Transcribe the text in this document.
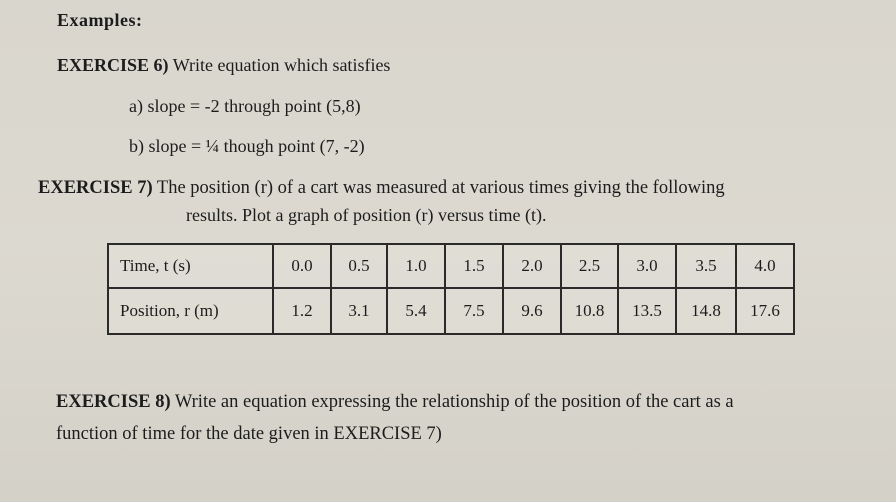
Examples:
EXERCISE 6) Write equation which satisfies
a) slope = -2 through point (5,8)
b) slope = ¼ though point (7, -2)
EXERCISE 7) The position (r) of a cart was measured at various times giving the following
results. Plot a graph of position (r) versus time (t).
Time, t (s)	0.0	0.5	1.0	1.5	2.0	2.5	3.0	3.5	4.0
Position, r (m)	1.2	3.1	5.4	7.5	9.6	10.8	13.5	14.8	17.6
EXERCISE 8) Write an equation expressing the relationship of the position of the cart as a
function of time for the date given in EXERCISE 7)
